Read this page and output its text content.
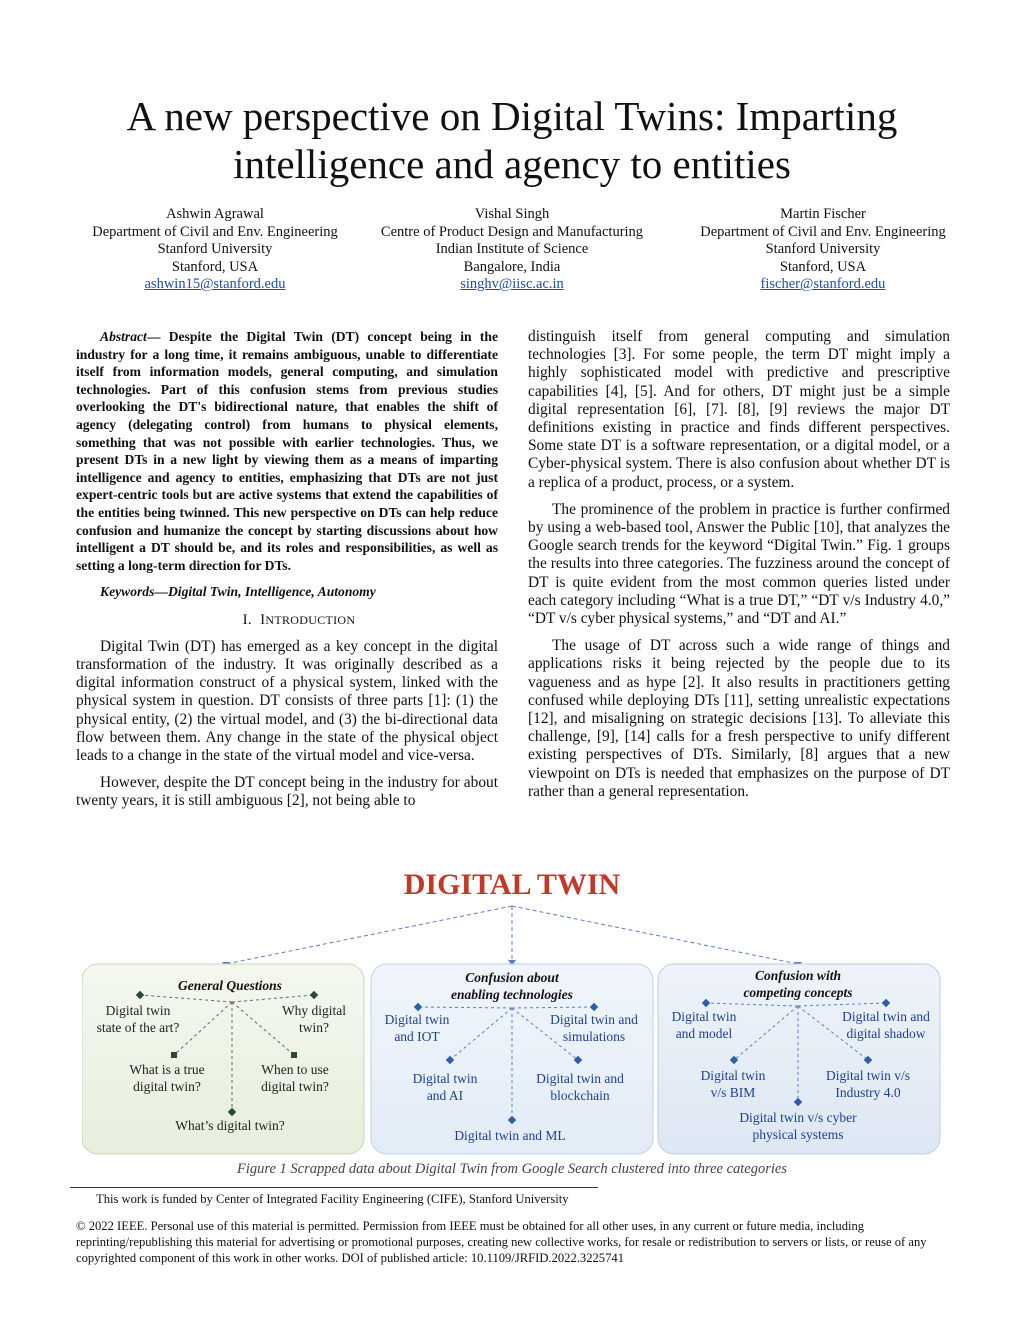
A new perspective on Digital Twins: Imparting intelligence and agency to entities
Ashwin Agrawal
Department of Civil and Env. Engineering
Stanford University
Stanford, USA
ashwin15@stanford.edu
Vishal Singh
Centre of Product Design and Manufacturing
Indian Institute of Science
Bangalore, India
singhv@iisc.ac.in
Martin Fischer
Department of Civil and Env. Engineering
Stanford University
Stanford, USA
fischer@stanford.edu

Abstract— Despite the Digital Twin (DT) concept being in the industry for a long time, it remains ambiguous, unable to differentiate itself from information models, general computing, and simulation technologies. Part of this confusion stems from previous studies overlooking the DT's bidirectional nature, that enables the shift of agency (delegating control) from humans to physical elements, something that was not possible with earlier technologies. Thus, we present DTs in a new light by viewing them as a means of imparting intelligence and agency to entities, emphasizing that DTs are not just expert-centric tools but are active systems that extend the capabilities of the entities being twinned. This new perspective on DTs can help reduce confusion and humanize the concept by starting discussions about how intelligent a DT should be, and its roles and responsibilities, as well as setting a long-term direction for DTs.

Keywords—Digital Twin, Intelligence, Autonomy

I. INTRODUCTION

Digital Twin (DT) has emerged as a key concept in the digital transformation of the industry. It was originally described as a digital information construct of a physical system, linked with the physical system in question. DT consists of three parts [1]: (1) the physical entity, (2) the virtual model, and (3) the bi-directional data flow between them. Any change in the state of the physical object leads to a change in the state of the virtual model and vice-versa.

However, despite the DT concept being in the industry for about twenty years, it is still ambiguous [2], not being able to

distinguish itself from general computing and simulation technologies [3]. For some people, the term DT might imply a highly sophisticated model with predictive and prescriptive capabilities [4], [5]. And for others, DT might just be a simple digital representation [6], [7]. [8], [9] reviews the major DT definitions existing in practice and finds different perspectives. Some state DT is a software representation, or a digital model, or a Cyber-physical system. There is also confusion about whether DT is a replica of a product, process, or a system.

The prominence of the problem in practice is further confirmed by using a web-based tool, Answer the Public [10], that analyzes the Google search trends for the keyword “Digital Twin.” Fig. 1 groups the results into three categories. The fuzziness around the concept of DT is quite evident from the most common queries listed under each category including “What is a true DT,” “DT v/s Industry 4.0,” “DT v/s cyber physical systems,” and “DT and AI.”

The usage of DT across such a wide range of things and applications risks it being rejected by the people due to its vagueness and as hype [2]. It also results in practitioners getting confused while deploying DTs [11], setting unrealistic expectations [12], and misaligning on strategic decisions [13]. To alleviate this challenge, [9], [14] calls for a fresh perspective to unify different existing perspectives of DTs. Similarly, [8] argues that a new viewpoint on DTs is needed that emphasizes on the purpose of DT rather than a general representation.

DIGITAL TWIN
General Questions
Digital twin
state of the art?
Why digital
twin?
What is a true
digital twin?
When to use
digital twin?
What’s digital twin?
Confusion about
enabling technologies
Digital twin
and IOT
Digital twin and
simulations
Digital twin
and AI
Digital twin and
blockchain
Digital twin and ML
Confusion with
competing concepts
Digital twin
and model
Digital twin and
digital shadow
Digital twin
v/s BIM
Digital twin v/s
Industry 4.0
Digital twin v/s cyber
physical systems
Figure 1 Scrapped data about Digital Twin from Google Search clustered into three categories
This work is funded by Center of Integrated Facility Engineering (CIFE), Stanford University
© 2022 IEEE. Personal use of this material is permitted. Permission from IEEE must be obtained for all other uses, in any current or future media, including reprinting/republishing this material for advertising or promotional purposes, creating new collective works, for resale or redistribution to servers or lists, or reuse of any copyrighted component of this work in other works. DOI of published article: 10.1109/JRFID.2022.3225741
